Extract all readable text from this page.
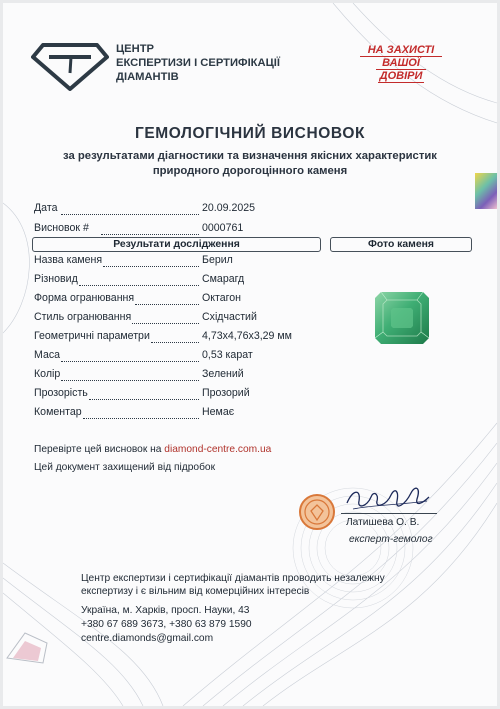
ЦЕНТР
ЕКСПЕРТИЗИ І СЕРТИФІКАЦІЇ
ДІАМАНТІВ
НА ЗАХИСТІ
ВАШОЇ
ДОВІРИ
ГЕМОЛОГІЧНИЙ ВИСНОВОК
за результатами діагностики та визначення якісних характеристик
природного дорогоцінного каменя
Дата	20.09.2025
Висновок #	0000761
Результати дослідження	Фото каменя
Назва каменя	Берил
Різновид	Смарагд
Форма огранювання	Октагон
Стиль огранювання	Східчастий
Геометричні параметри	4,73х4,76х3,29 мм
Маса	0,53 карат
Колір	Зелений
Прозорість	Прозорий
Коментар	Немає
Перевірте цей висновок на diamond-centre.com.ua
Цей документ захищений від підробок
Латишева О. В.
експерт-гемолог
Центр експертизи і сертифікації діамантів проводить незалежну
експертизу і є вільним від комерційних інтересів
Україна, м. Харків, просп. Науки, 43
+380 67 689 3673, +380 63 879 1590
centre.diamonds@gmail.com
